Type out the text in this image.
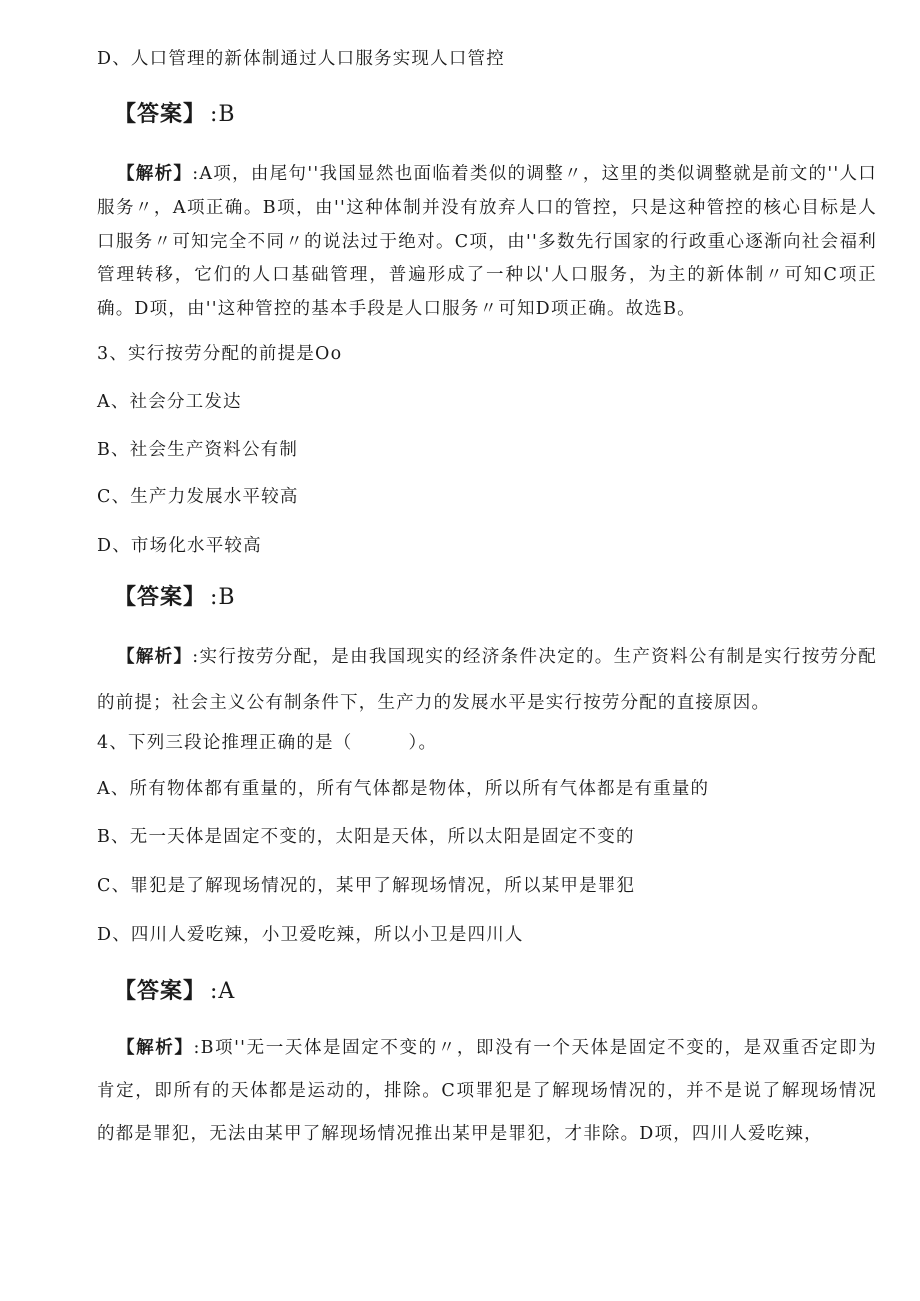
D、人口管理的新体制通过人口服务实现人口管控
【答案】 :B
【解析】:A项，由尾句''我国显然也面临着类似的调整〃，这里的类似调整就是前文的''人口服务〃，A项正确。B项，由''这种体制并没有放弃人口的管控，只是这种管控的核心目标是人口服务〃可知完全不同〃的说法过于绝对。C项，由''多数先行国家的行政重心逐渐向社会福利管理转移，它们的人口基础管理，普遍形成了一种以'人口服务，为主的新体制〃可知C项正确。D项，由''这种管控的基本手段是人口服务〃可知D项正确。故选B。
3、实行按劳分配的前提是Oo
A、社会分工发达
B、社会生产资料公有制
C、生产力发展水平较高
D、市场化水平较高
【答案】 :B
【解析】:实行按劳分配，是由我国现实的经济条件决定的。生产资料公有制是实行按劳分配的前提；社会主义公有制条件下，生产力的发展水平是实行按劳分配的直接原因。
4、下列三段论推理正确的是（　　　）。
A、所有物体都有重量的，所有气体都是物体，所以所有气体都是有重量的
B、无一天体是固定不变的，太阳是天体，所以太阳是固定不变的
C、罪犯是了解现场情况的，某甲了解现场情况，所以某甲是罪犯
D、四川人爱吃辣，小卫爱吃辣，所以小卫是四川人
【答案】 :A
【解析】:B项''无一天体是固定不变的〃，即没有一个天体是固定不变的，是双重否定即为肯定，即所有的天体都是运动的，排除。C项罪犯是了解现场情况的，并不是说了解现场情况的都是罪犯，无法由某甲了解现场情况推出某甲是罪犯，才非除。D项，四川人爱吃辣，
